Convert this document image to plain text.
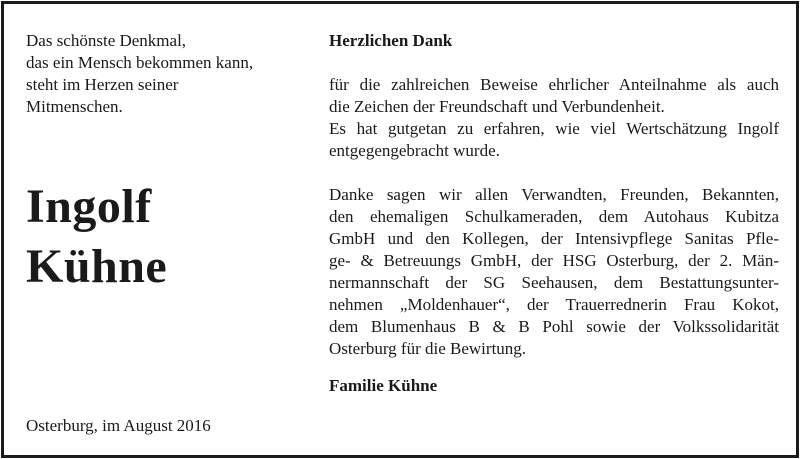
Das schönste Denkmal,
das ein Mensch bekommen kann,
steht im Herzen seiner
Mitmenschen.
Ingolf
Kühne
Osterburg, im August 2016
Herzlichen Dank
für die zahlreichen Beweise ehrlicher Anteilnahme als auch
die Zeichen der Freundschaft und Verbundenheit.
Es hat gutgetan zu erfahren, wie viel Wertschätzung Ingolf
entgegengebracht wurde.
Danke sagen wir allen Verwandten, Freunden, Bekannten,
den ehemaligen Schulkameraden, dem Autohaus Kubitza
GmbH und den Kollegen, der Intensivpflege Sanitas Pfle-
ge- & Betreuungs GmbH, der HSG Osterburg, der 2. Män-
nermannschaft der SG Seehausen, dem Bestattungsunter-
nehmen „Moldenhauer“, der Trauerrednerin Frau Kokot,
dem Blumenhaus B & B Pohl sowie der Volkssolidarität
Osterburg für die Bewirtung.
Familie Kühne
